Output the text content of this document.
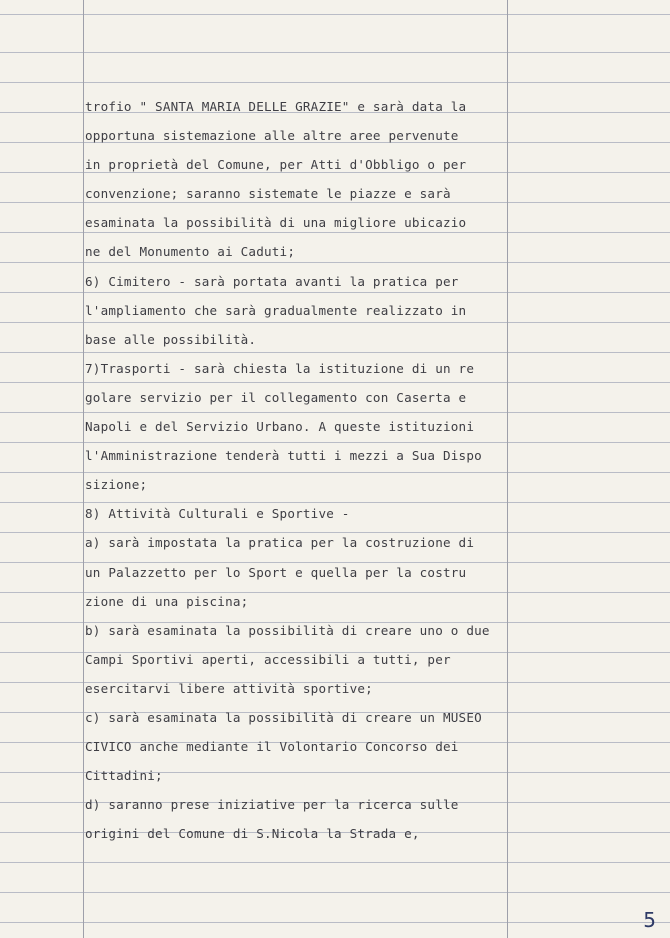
trofio " SANTA MARIA DELLE GRAZIE" e sarà data la
opportuna sistemazione alle altre aree pervenute
in proprietà del Comune, per Atti d'Obbligo o per
convenzione; saranno sistemate le piazze e sarà
esaminata la possibilità di una migliore ubicazio
ne del Monumento ai Caduti;
6) Cimitero - sarà portata avanti la pratica per
l'ampliamento che sarà gradualmente realizzato in
base alle possibilità.
7)Trasporti - sarà chiesta la istituzione di un re
golare servizio per il collegamento con Caserta e
Napoli e del Servizio Urbano. A queste istituzioni
l'Amministrazione tenderà tutti i mezzi a Sua Dispo
sizione;
8) Attività Culturali e Sportive -
a) sarà impostata la pratica per la costruzione di
un Palazzetto per lo Sport e quella per la costru
zione di una piscina;
b) sarà esaminata la possibilità di creare uno o due
Campi Sportivi aperti, accessibili a tutti, per
esercitarvi libere attività sportive;
c) sarà esaminata la possibilità di creare un MUSEO
CIVICO anche mediante il Volontario Concorso dei
Cittadini;
d) saranno prese iniziative per la ricerca sulle
origini del Comune di S.Nicola la Strada e,
5
